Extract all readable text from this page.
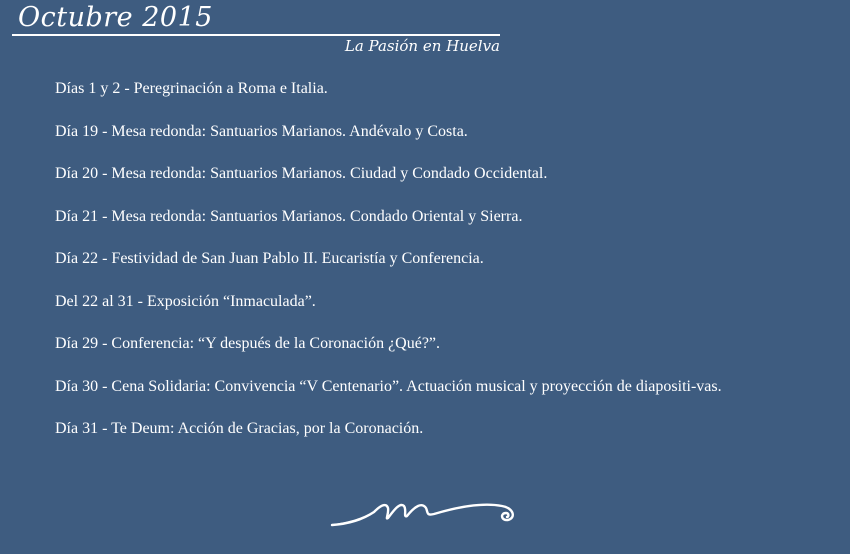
Octubre 2015
La Pasión en Huelva
Días 1 y 2 - Peregrinación a Roma e Italia.
Día 19 - Mesa redonda: Santuarios Marianos. Andévalo y Costa.
Día 20 - Mesa redonda: Santuarios Marianos. Ciudad y Condado Occidental.
Día 21 - Mesa redonda: Santuarios Marianos. Condado Oriental y Sierra.
Día 22 - Festividad de San Juan Pablo II. Eucaristía y Conferencia.
Del 22 al 31 - Exposición “Inmaculada”.
Día 29 - Conferencia: “Y después de la Coronación ¿Qué?”.
Día 30 - Cena Solidaria: Convivencia “V Centenario”. Actuación musical y proyección de diapositi-vas.
Día 31 - Te Deum: Acción de Gracias, por la Coronación.
